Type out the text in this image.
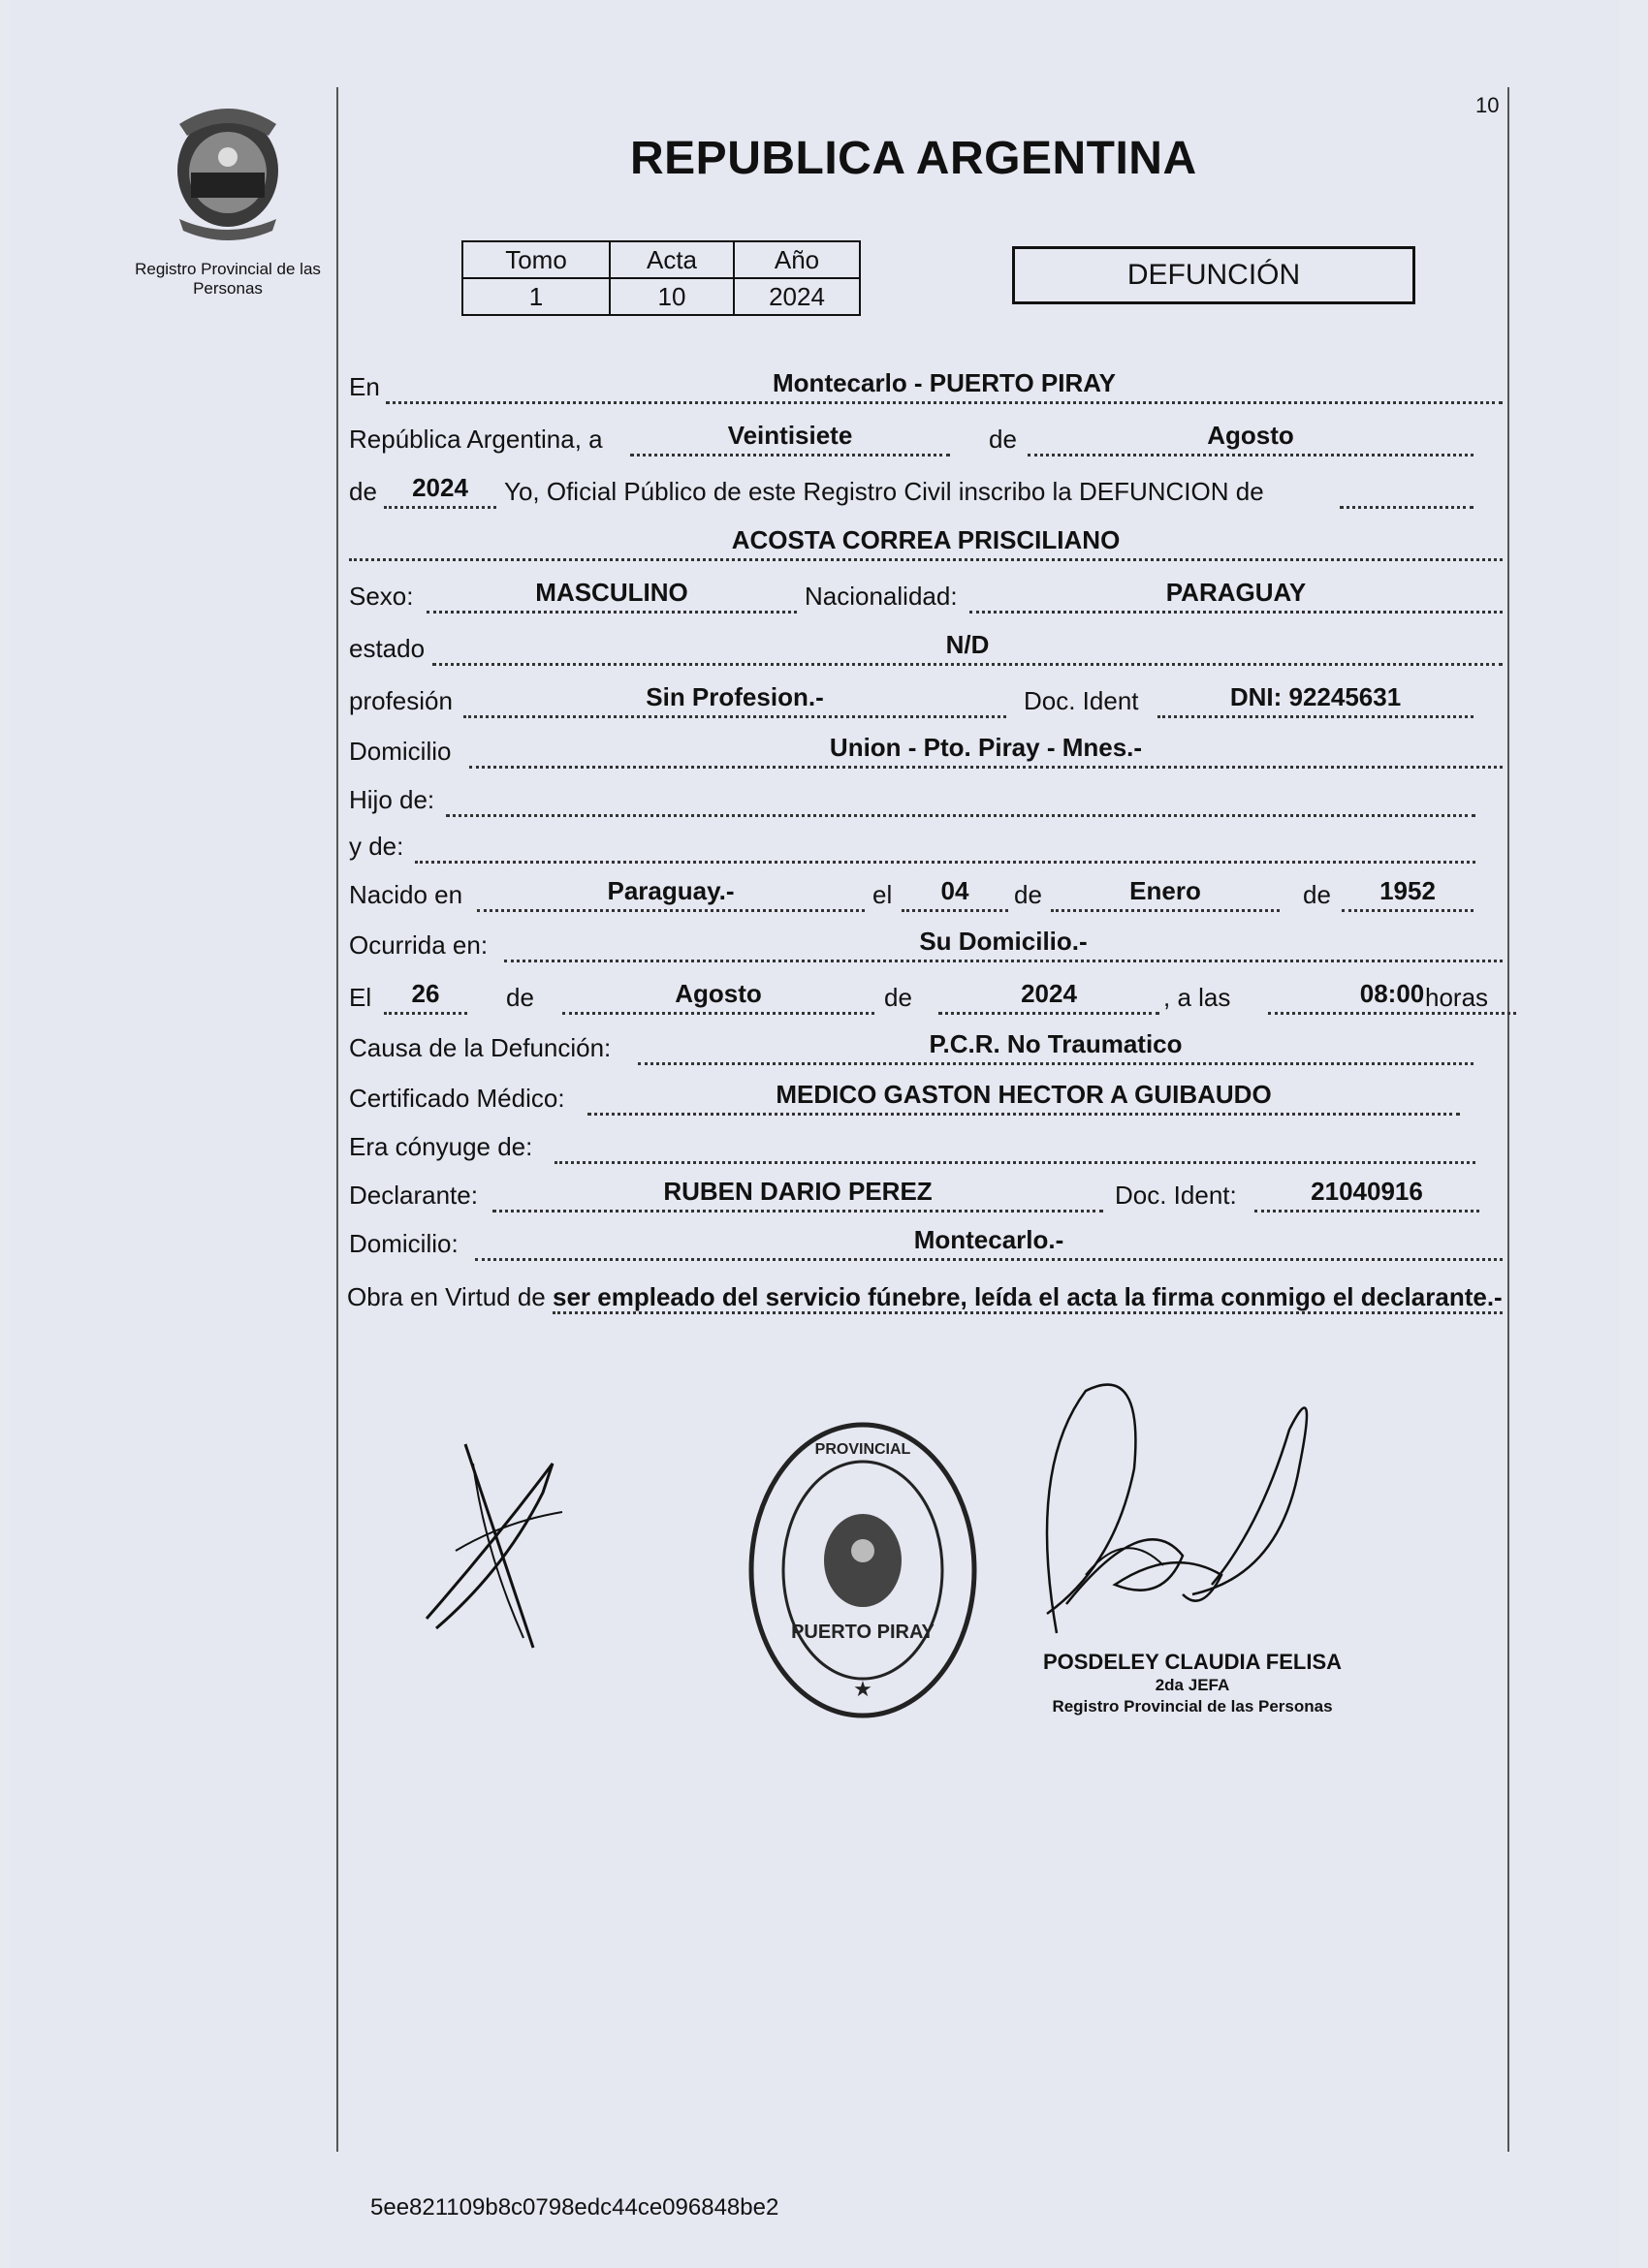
10
Registro Provincial de las Personas
REPUBLICA ARGENTINA
Tomo	Acta	Año
1	10	2024
DEFUNCIÓN
En	Montecarlo - PUERTO PIRAY
República Argentina, a	Veintisiete	de	Agosto
de	2024	Yo, Oficial Público de este Registro Civil inscribo la DEFUNCION de
ACOSTA CORREA PRISCILIANO
Sexo:	MASCULINO	Nacionalidad:	PARAGUAY
estado	N/D
profesión	Sin Profesion.-	Doc. Ident	DNI: 92245631
Domicilio	Union - Pto. Piray - Mnes.-
Hijo de:
y de:
Nacido en	Paraguay.-	el	04	de	Enero	de	1952
Ocurrida en:	Su Domicilio.-
El	26	de	Agosto	de	2024	, a las	08:00 horas
Causa de la Defunción:	P.C.R. No Traumatico
Certificado Médico:	MEDICO GASTON HECTOR A GUIBAUDO
Era cónyuge de:
Declarante:	RUBEN DARIO PEREZ	Doc. Ident:	21040916
Domicilio:	Montecarlo.-
Obra en Virtud de ser empleado del servicio fúnebre, leída el acta la firma conmigo el declarante.-
PROVINCIAL
PUERTO PIRAY
★
POSDELEY CLAUDIA FELISA
2da JEFA
Registro Provincial de las Personas
5ee821109b8c0798edc44ce096848be2
